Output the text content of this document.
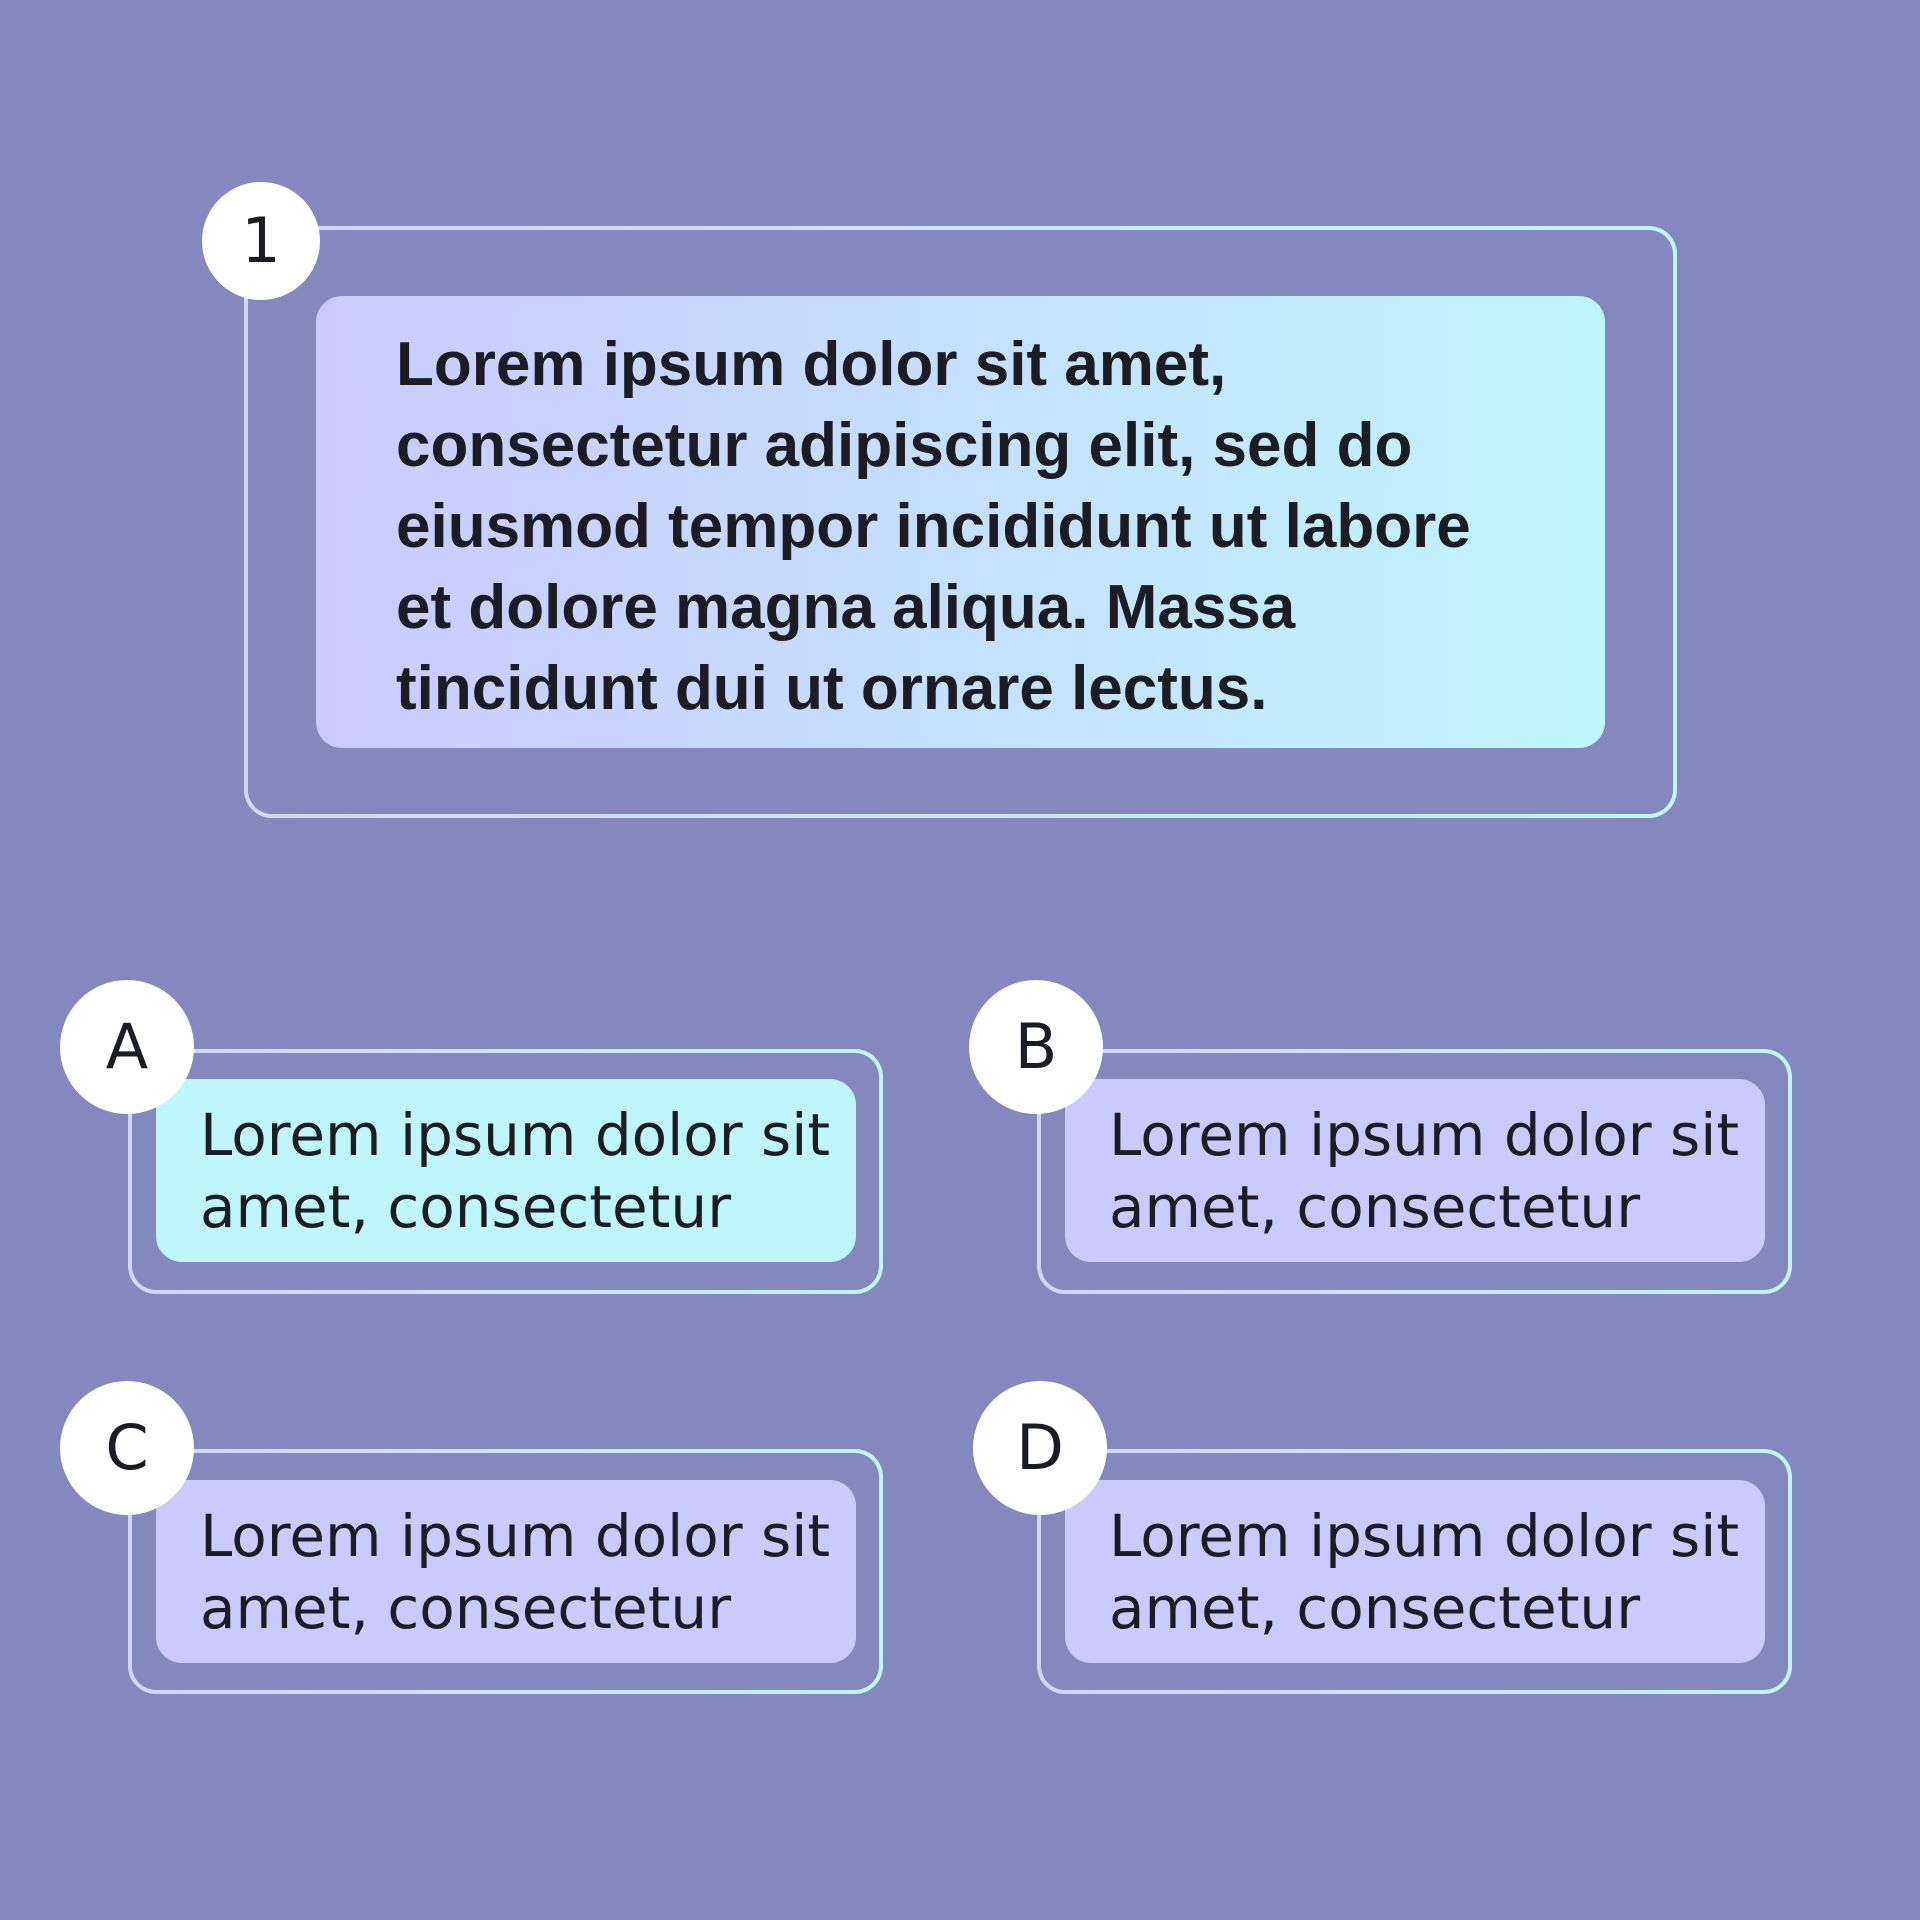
Lorem ipsum dolor sit amet, consectetur adipiscing elit, sed do eiusmod tempor incididunt ut labore et dolore magna aliqua. Massa tincidunt dui ut ornare lectus.

1

Lorem ipsum dolor sit
amet, consectetur

A

Lorem ipsum dolor sit
amet, consectetur

B

Lorem ipsum dolor sit
amet, consectetur

C

Lorem ipsum dolor sit
amet, consectetur

D
